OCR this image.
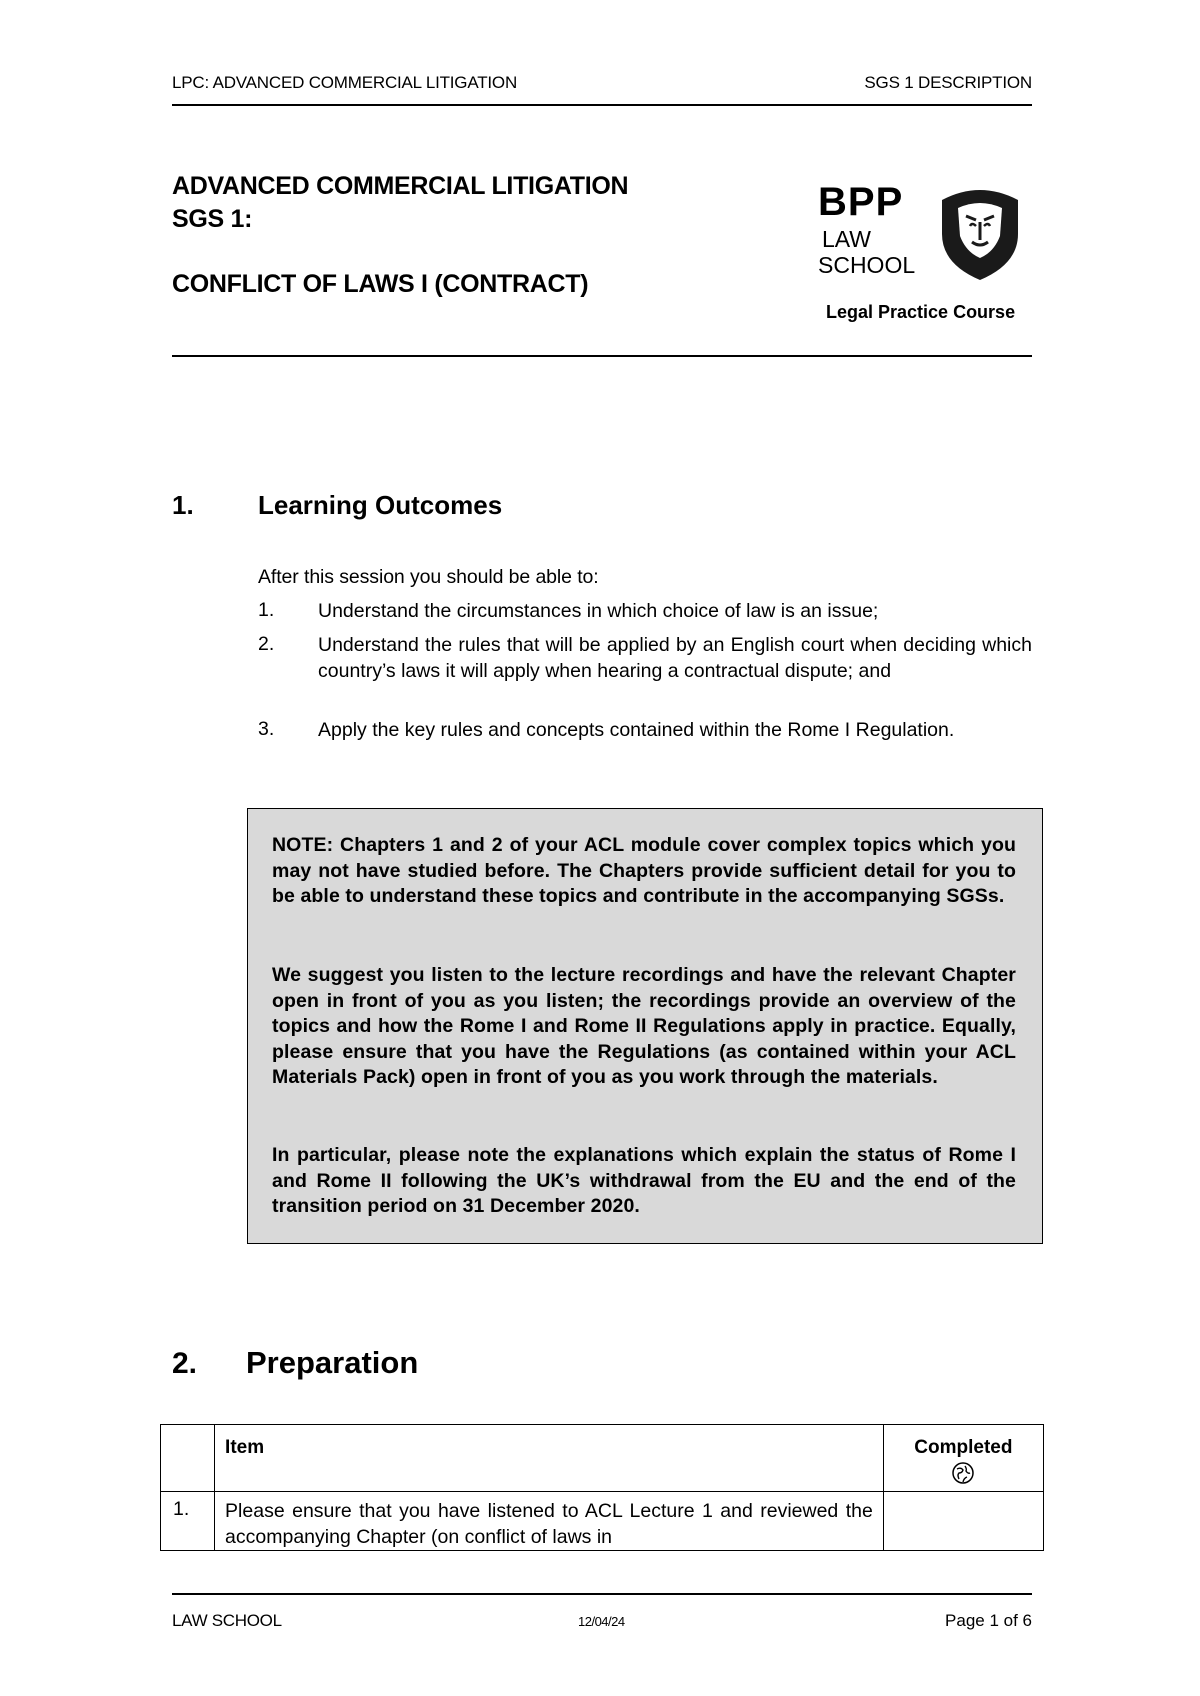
LPC: ADVANCED COMMERCIAL LITIGATION	SGS 1 DESCRIPTION
ADVANCED COMMERCIAL LITIGATION
SGS 1:
CONFLICT OF LAWS I (CONTRACT)
BPP
LAW
SCHOOL
Legal Practice Course
1. Learning Outcomes
After this session you should be able to:
1. Understand the circumstances in which choice of law is an issue;
2. Understand the rules that will be applied by an English court when deciding which country’s laws it will apply when hearing a contractual dispute; and
3. Apply the key rules and concepts contained within the Rome I Regulation.
NOTE: Chapters 1 and 2 of your ACL module cover complex topics which you may not have studied before. The Chapters provide sufficient detail for you to be able to understand these topics and contribute in the accompanying SGSs.
We suggest you listen to the lecture recordings and have the relevant Chapter open in front of you as you listen; the recordings provide an overview of the topics and how the Rome I and Rome II Regulations apply in practice. Equally, please ensure that you have the Regulations (as contained within your ACL Materials Pack) open in front of you as you work through the materials.
In particular, please note the explanations which explain the status of Rome I and Rome II following the UK’s withdrawal from the EU and the end of the transition period on 31 December 2020.
2. Preparation

	Item	Completed

1.	Please ensure that you have listened to ACL Lecture 1 and reviewed the accompanying Chapter (on conflict of laws in	

LAW SCHOOL	12/04/24	Page 1 of 6
